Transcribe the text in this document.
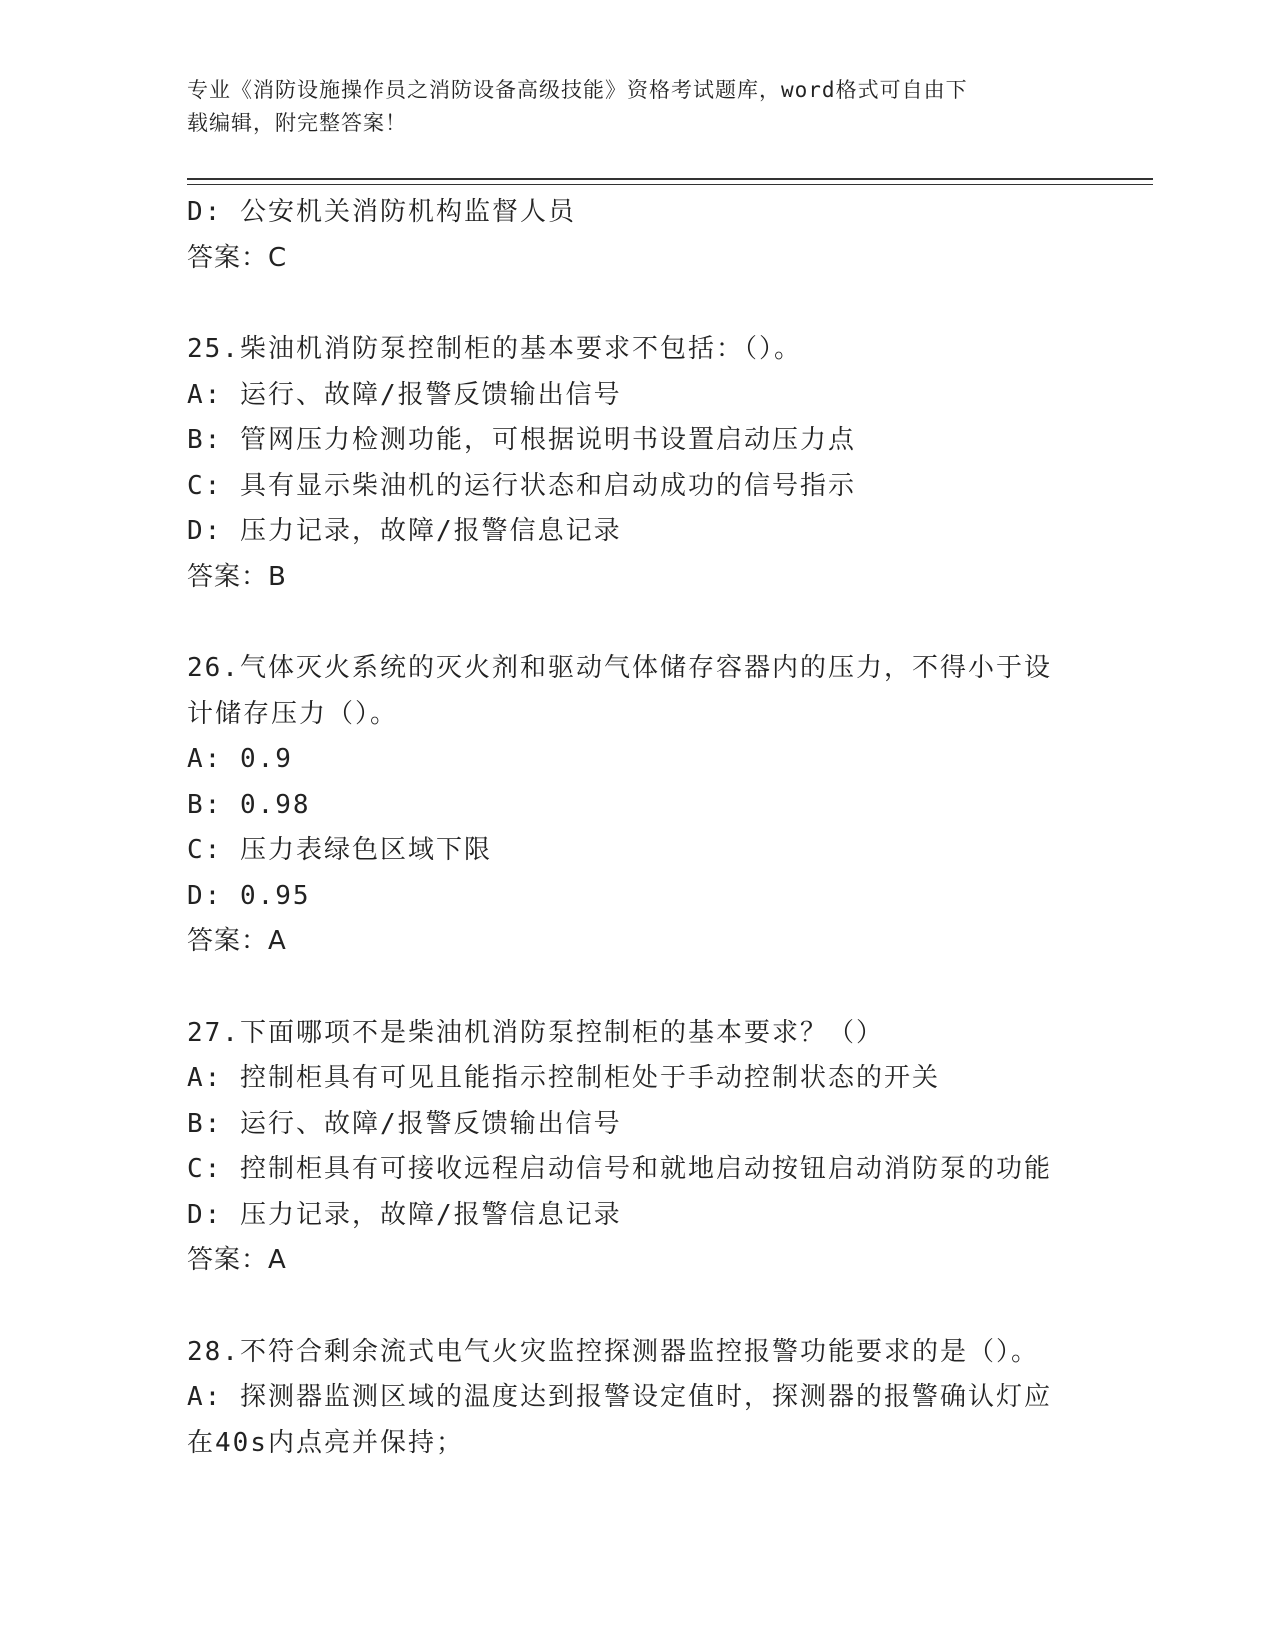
专业《消防设施操作员之消防设备高级技能》资格考试题库，word格式可自由下
载编辑，附完整答案！
D: 公安机关消防机构监督人员
答案：C
25.柴油机消防泵控制柜的基本要求不包括：（）。
A: 运行、故障/报警反馈输出信号
B: 管网压力检测功能，可根据说明书设置启动压力点
C: 具有显示柴油机的运行状态和启动成功的信号指示
D: 压力记录，故障/报警信息记录
答案：B
26.气体灭火系统的灭火剂和驱动气体储存容器内的压力，不得小于设
计储存压力（）。
A: 0.9
B: 0.98
C: 压力表绿色区域下限
D: 0.95
答案：A
27.下面哪项不是柴油机消防泵控制柜的基本要求？（）
A: 控制柜具有可见且能指示控制柜处于手动控制状态的开关
B: 运行、故障/报警反馈输出信号
C: 控制柜具有可接收远程启动信号和就地启动按钮启动消防泵的功能
D: 压力记录，故障/报警信息记录
答案：A
28.不符合剩余流式电气火灾监控探测器监控报警功能要求的是（）。
A: 探测器监测区域的温度达到报警设定值时，探测器的报警确认灯应
在40s内点亮并保持；
